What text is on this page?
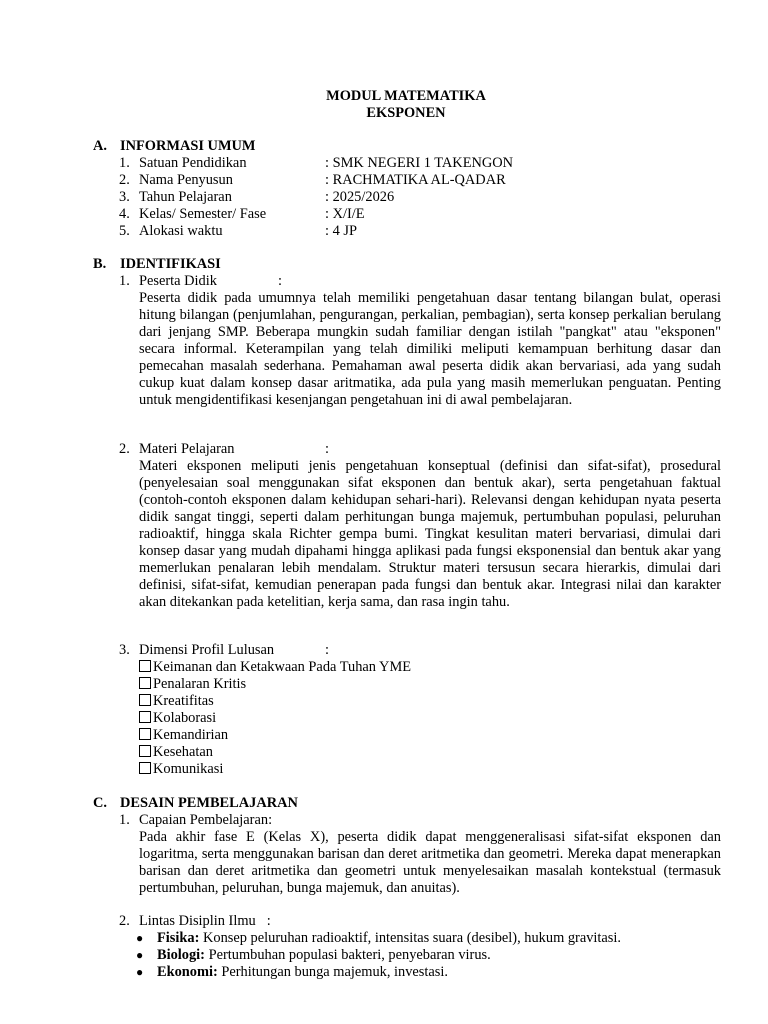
MODUL MATEMATIKA
EKSPONEN
A. INFORMASI UMUM
1. Satuan Pendidikan	: SMK NEGERI 1 TAKENGON
2. Nama Penyusun	: RACHMATIKA AL-QADAR
3. Tahun Pelajaran	: 2025/2026
4. Kelas/ Semester/ Fase	: X/I/E
5. Alokasi waktu	: 4 JP
B. IDENTIFIKASI
1. Peserta Didik	:
Peserta didik pada umumnya telah memiliki pengetahuan dasar tentang bilangan bulat, operasi hitung bilangan (penjumlahan, pengurangan, perkalian, pembagian), serta konsep perkalian berulang dari jenjang SMP. Beberapa mungkin sudah familiar dengan istilah "pangkat" atau "eksponen" secara informal. Keterampilan yang telah dimiliki meliputi kemampuan berhitung dasar dan pemecahan masalah sederhana. Pemahaman awal peserta didik akan bervariasi, ada yang sudah cukup kuat dalam konsep dasar aritmatika, ada pula yang masih memerlukan penguatan. Penting untuk mengidentifikasi kesenjangan pengetahuan ini di awal pembelajaran.
2. Materi Pelajaran	:
Materi eksponen meliputi jenis pengetahuan konseptual (definisi dan sifat-sifat), prosedural (penyelesaian soal menggunakan sifat eksponen dan bentuk akar), serta pengetahuan faktual (contoh-contoh eksponen dalam kehidupan sehari-hari). Relevansi dengan kehidupan nyata peserta didik sangat tinggi, seperti dalam perhitungan bunga majemuk, pertumbuhan populasi, peluruhan radioaktif, hingga skala Richter gempa bumi. Tingkat kesulitan materi bervariasi, dimulai dari konsep dasar yang mudah dipahami hingga aplikasi pada fungsi eksponensial dan bentuk akar yang memerlukan penalaran lebih mendalam. Struktur materi tersusun secara hierarkis, dimulai dari definisi, sifat-sifat, kemudian penerapan pada fungsi dan bentuk akar. Integrasi nilai dan karakter akan ditekankan pada ketelitian, kerja sama, dan rasa ingin tahu.
3. Dimensi Profil Lulusan	:
Keimanan dan Ketakwaan Pada Tuhan YME
Penalaran Kritis
Kreatifitas
Kolaborasi
Kemandirian
Kesehatan
Komunikasi
C. DESAIN PEMBELAJARAN
1. Capaian Pembelajaran:
Pada akhir fase E (Kelas X), peserta didik dapat menggeneralisasi sifat-sifat eksponen dan logaritma, serta menggunakan barisan dan deret aritmetika dan geometri. Mereka dapat menerapkan barisan dan deret aritmetika dan geometri untuk menyelesaikan masalah kontekstual (termasuk pertumbuhan, peluruhan, bunga majemuk, dan anuitas).
2. Lintas Disiplin Ilmu :
● Fisika: Konsep peluruhan radioaktif, intensitas suara (desibel), hukum gravitasi.
● Biologi: Pertumbuhan populasi bakteri, penyebaran virus.
● Ekonomi: Perhitungan bunga majemuk, investasi.
